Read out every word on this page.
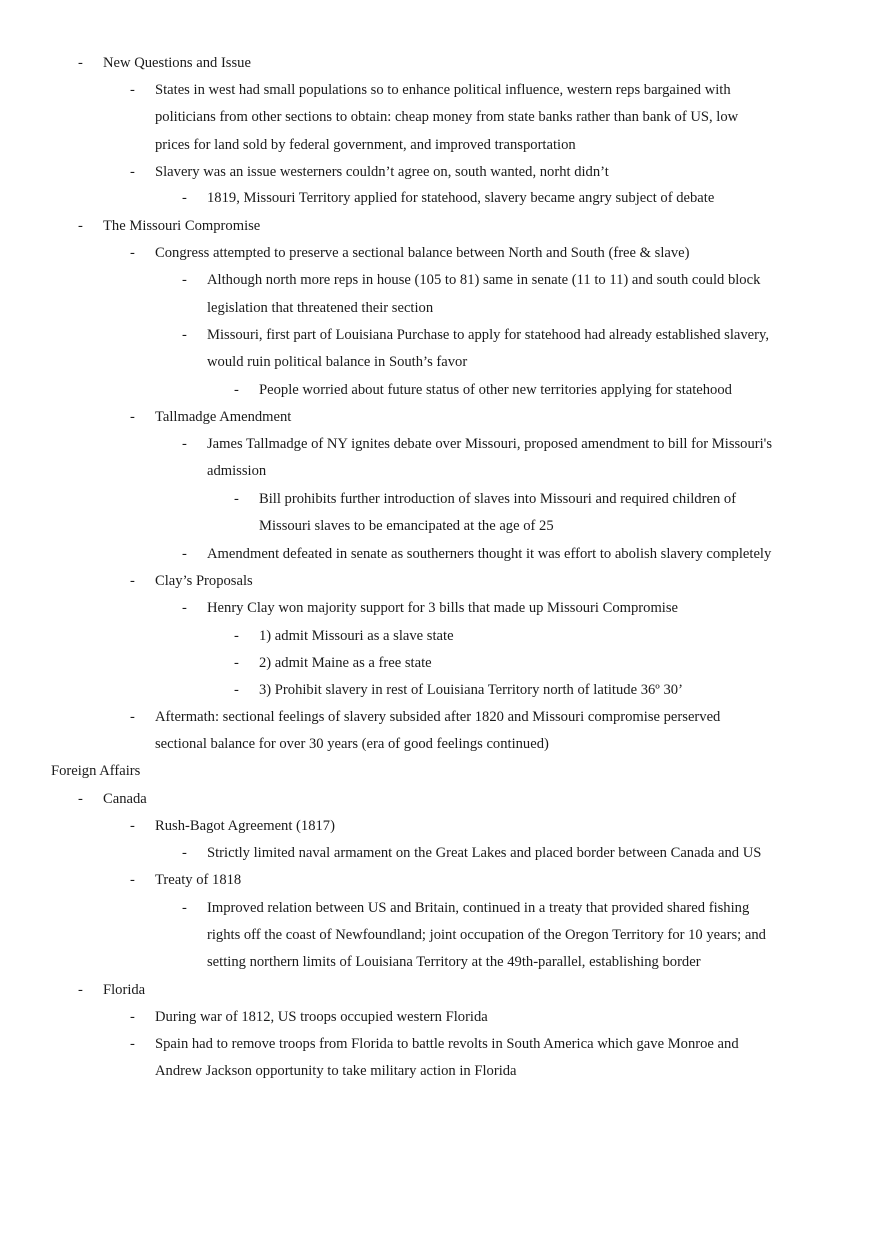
- New Questions and Issue
- States in west had small populations so to enhance political influence, western reps bargained with
politicians from other sections to obtain: cheap money from state banks rather than bank of US, low
prices for land sold by federal government, and improved transportation
- Slavery was an issue westerners couldn’t agree on, south wanted, norht didn’t
- 1819, Missouri Territory applied for statehood, slavery became angry subject of debate
- The Missouri Compromise
- Congress attempted to preserve a sectional balance between North and South (free & slave)
- Although north more reps in house (105 to 81) same in senate (11 to 11) and south could block
legislation that threatened their section
- Missouri, first part of Louisiana Purchase to apply for statehood had already established slavery,
would ruin political balance in South’s favor
- People worried about future status of other new territories applying for statehood
- Tallmadge Amendment
- James Tallmadge of NY ignites debate over Missouri, proposed amendment to bill for Missouri's
admission
- Bill prohibits further introduction of slaves into Missouri and required children of
Missouri slaves to be emancipated at the age of 25
- Amendment defeated in senate as southerners thought it was effort to abolish slavery completely
- Clay’s Proposals
- Henry Clay won majority support for 3 bills that made up Missouri Compromise
- 1) admit Missouri as a slave state
- 2) admit Maine as a free state
- 3) Prohibit slavery in rest of Louisiana Territory north of latitude 36º 30’
- Aftermath: sectional feelings of slavery subsided after 1820 and Missouri compromise perserved
sectional balance for over 30 years (era of good feelings continued)
Foreign Affairs
- Canada
- Rush-Bagot Agreement (1817)
- Strictly limited naval armament on the Great Lakes and placed border between Canada and US
- Treaty of 1818
- Improved relation between US and Britain, continued in a treaty that provided shared fishing
rights off the coast of Newfoundland; joint occupation of the Oregon Territory for 10 years; and
setting northern limits of Louisiana Territory at the 49th-parallel, establishing border
- Florida
- During war of 1812, US troops occupied western Florida
- Spain had to remove troops from Florida to battle revolts in South America which gave Monroe and
Andrew Jackson opportunity to take military action in Florida
